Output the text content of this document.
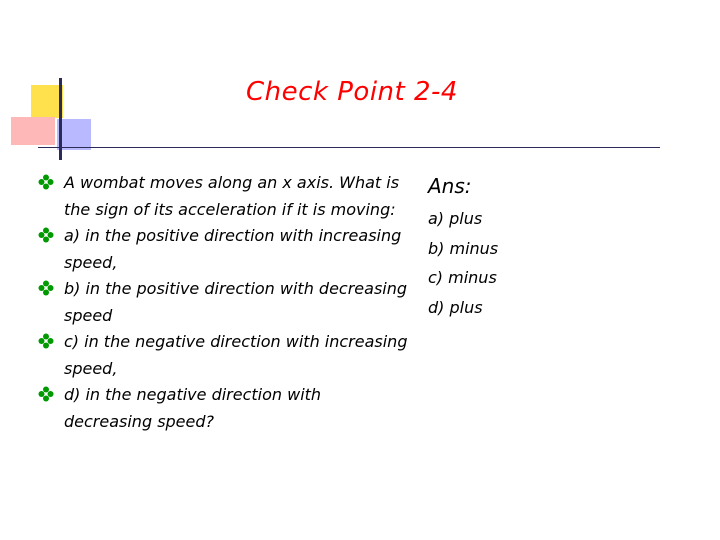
Check Point 2-4
A wombat moves along an x axis. What is the sign of its acceleration if it is moving:
a) in the positive direction with increasing speed,
b) in the positive direction with decreasing speed
c) in the negative direction with increasing speed,
d) in the negative direction with decreasing speed?
Ans:
a) plus
b) minus
c) minus
d) plus
